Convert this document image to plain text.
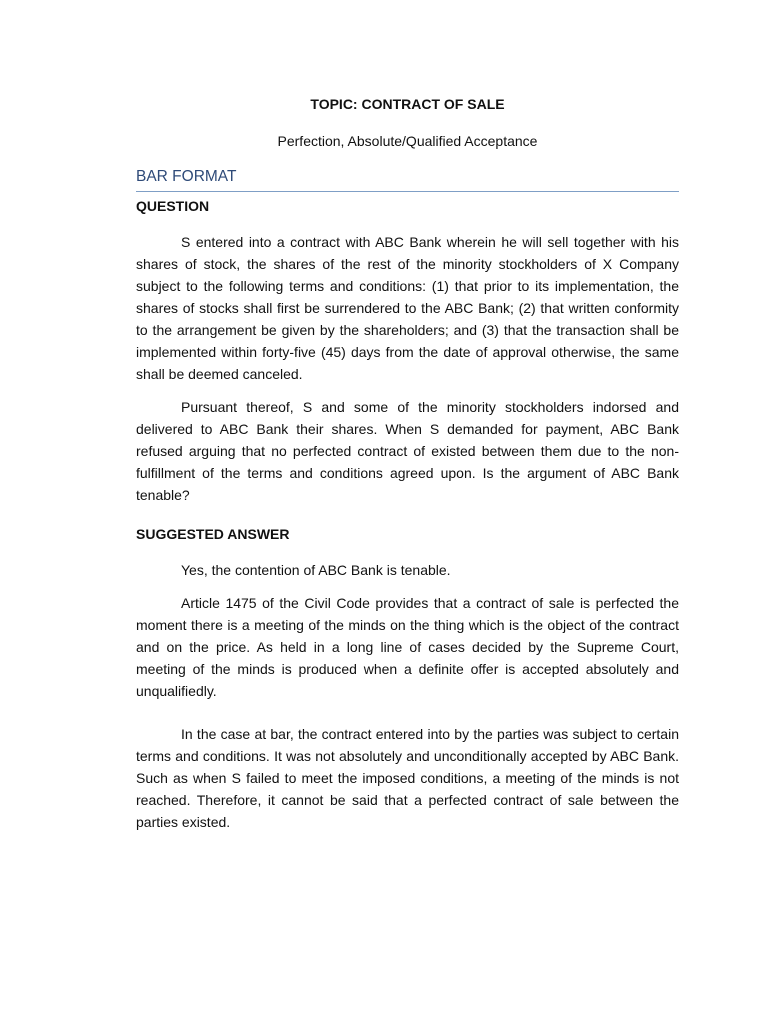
TOPIC: CONTRACT OF SALE
Perfection, Absolute/Qualified Acceptance
BAR FORMAT
QUESTION

S entered into a contract with ABC Bank wherein he will sell together with his shares of stock, the shares of the rest of the minority stockholders of X Company subject to the following terms and conditions: (1) that prior to its implementation, the shares of stocks shall first be surrendered to the ABC Bank; (2) that written conformity to the arrangement be given by the shareholders; and (3) that the transaction shall be implemented within forty-five (45) days from the date of approval otherwise, the same shall be deemed canceled.

Pursuant thereof, S and some of the minority stockholders indorsed and delivered to ABC Bank their shares. When S demanded for payment, ABC Bank refused arguing that no perfected contract of existed between them due to the non-fulfillment of the terms and conditions agreed upon. Is the argument of ABC Bank tenable?

SUGGESTED ANSWER

Yes, the contention of ABC Bank is tenable.

Article 1475 of the Civil Code provides that a contract of sale is perfected the moment there is a meeting of the minds on the thing which is the object of the contract and on the price. As held in a long line of cases decided by the Supreme Court, meeting of the minds is produced when a definite offer is accepted absolutely and unqualifiedly.

In the case at bar, the contract entered into by the parties was subject to certain terms and conditions. It was not absolutely and unconditionally accepted by ABC Bank. Such as when S failed to meet the imposed conditions, a meeting of the minds is not reached. Therefore, it cannot be said that a perfected contract of sale between the parties existed.
